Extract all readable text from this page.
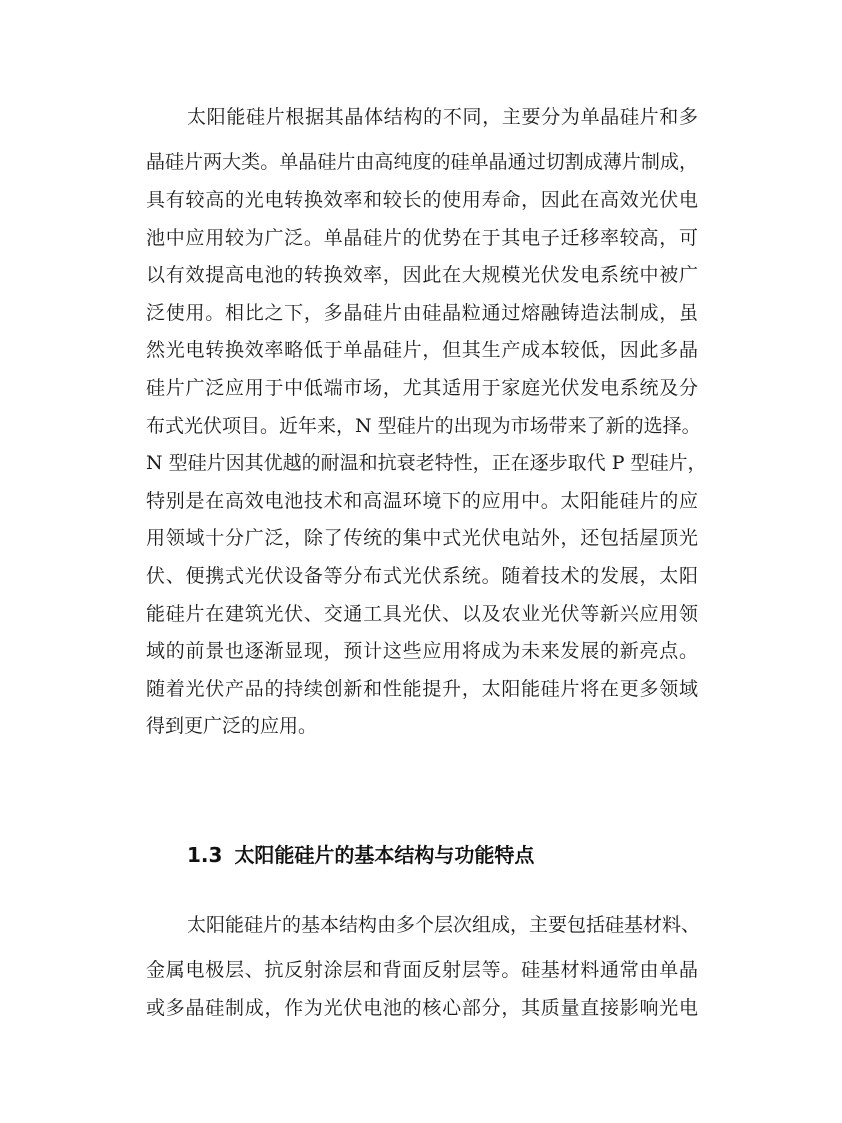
太阳能硅片根据其晶体结构的不同，主要分为单晶硅片和多
晶硅片两大类。单晶硅片由高纯度的硅单晶通过切割成薄片制成，
具有较高的光电转换效率和较长的使用寿命，因此在高效光伏电
池中应用较为广泛。单晶硅片的优势在于其电子迁移率较高，可
以有效提高电池的转换效率，因此在大规模光伏发电系统中被广
泛使用。相比之下，多晶硅片由硅晶粒通过熔融铸造法制成，虽
然光电转换效率略低于单晶硅片，但其生产成本较低，因此多晶
硅片广泛应用于中低端市场，尤其适用于家庭光伏发电系统及分
布式光伏项目。近年来，N 型硅片的出现为市场带来了新的选择。
N 型硅片因其优越的耐温和抗衰老特性，正在逐步取代 P 型硅片，
特别是在高效电池技术和高温环境下的应用中。太阳能硅片的应
用领域十分广泛，除了传统的集中式光伏电站外，还包括屋顶光
伏、便携式光伏设备等分布式光伏系统。随着技术的发展，太阳
能硅片在建筑光伏、交通工具光伏、以及农业光伏等新兴应用领
域的前景也逐渐显现，预计这些应用将成为未来发展的新亮点。
随着光伏产品的持续创新和性能提升，太阳能硅片将在更多领域
得到更广泛的应用。
1.3 太阳能硅片的基本结构与功能特点
太阳能硅片的基本结构由多个层次组成，主要包括硅基材料、
金属电极层、抗反射涂层和背面反射层等。硅基材料通常由单晶
或多晶硅制成，作为光伏电池的核心部分，其质量直接影响光电
